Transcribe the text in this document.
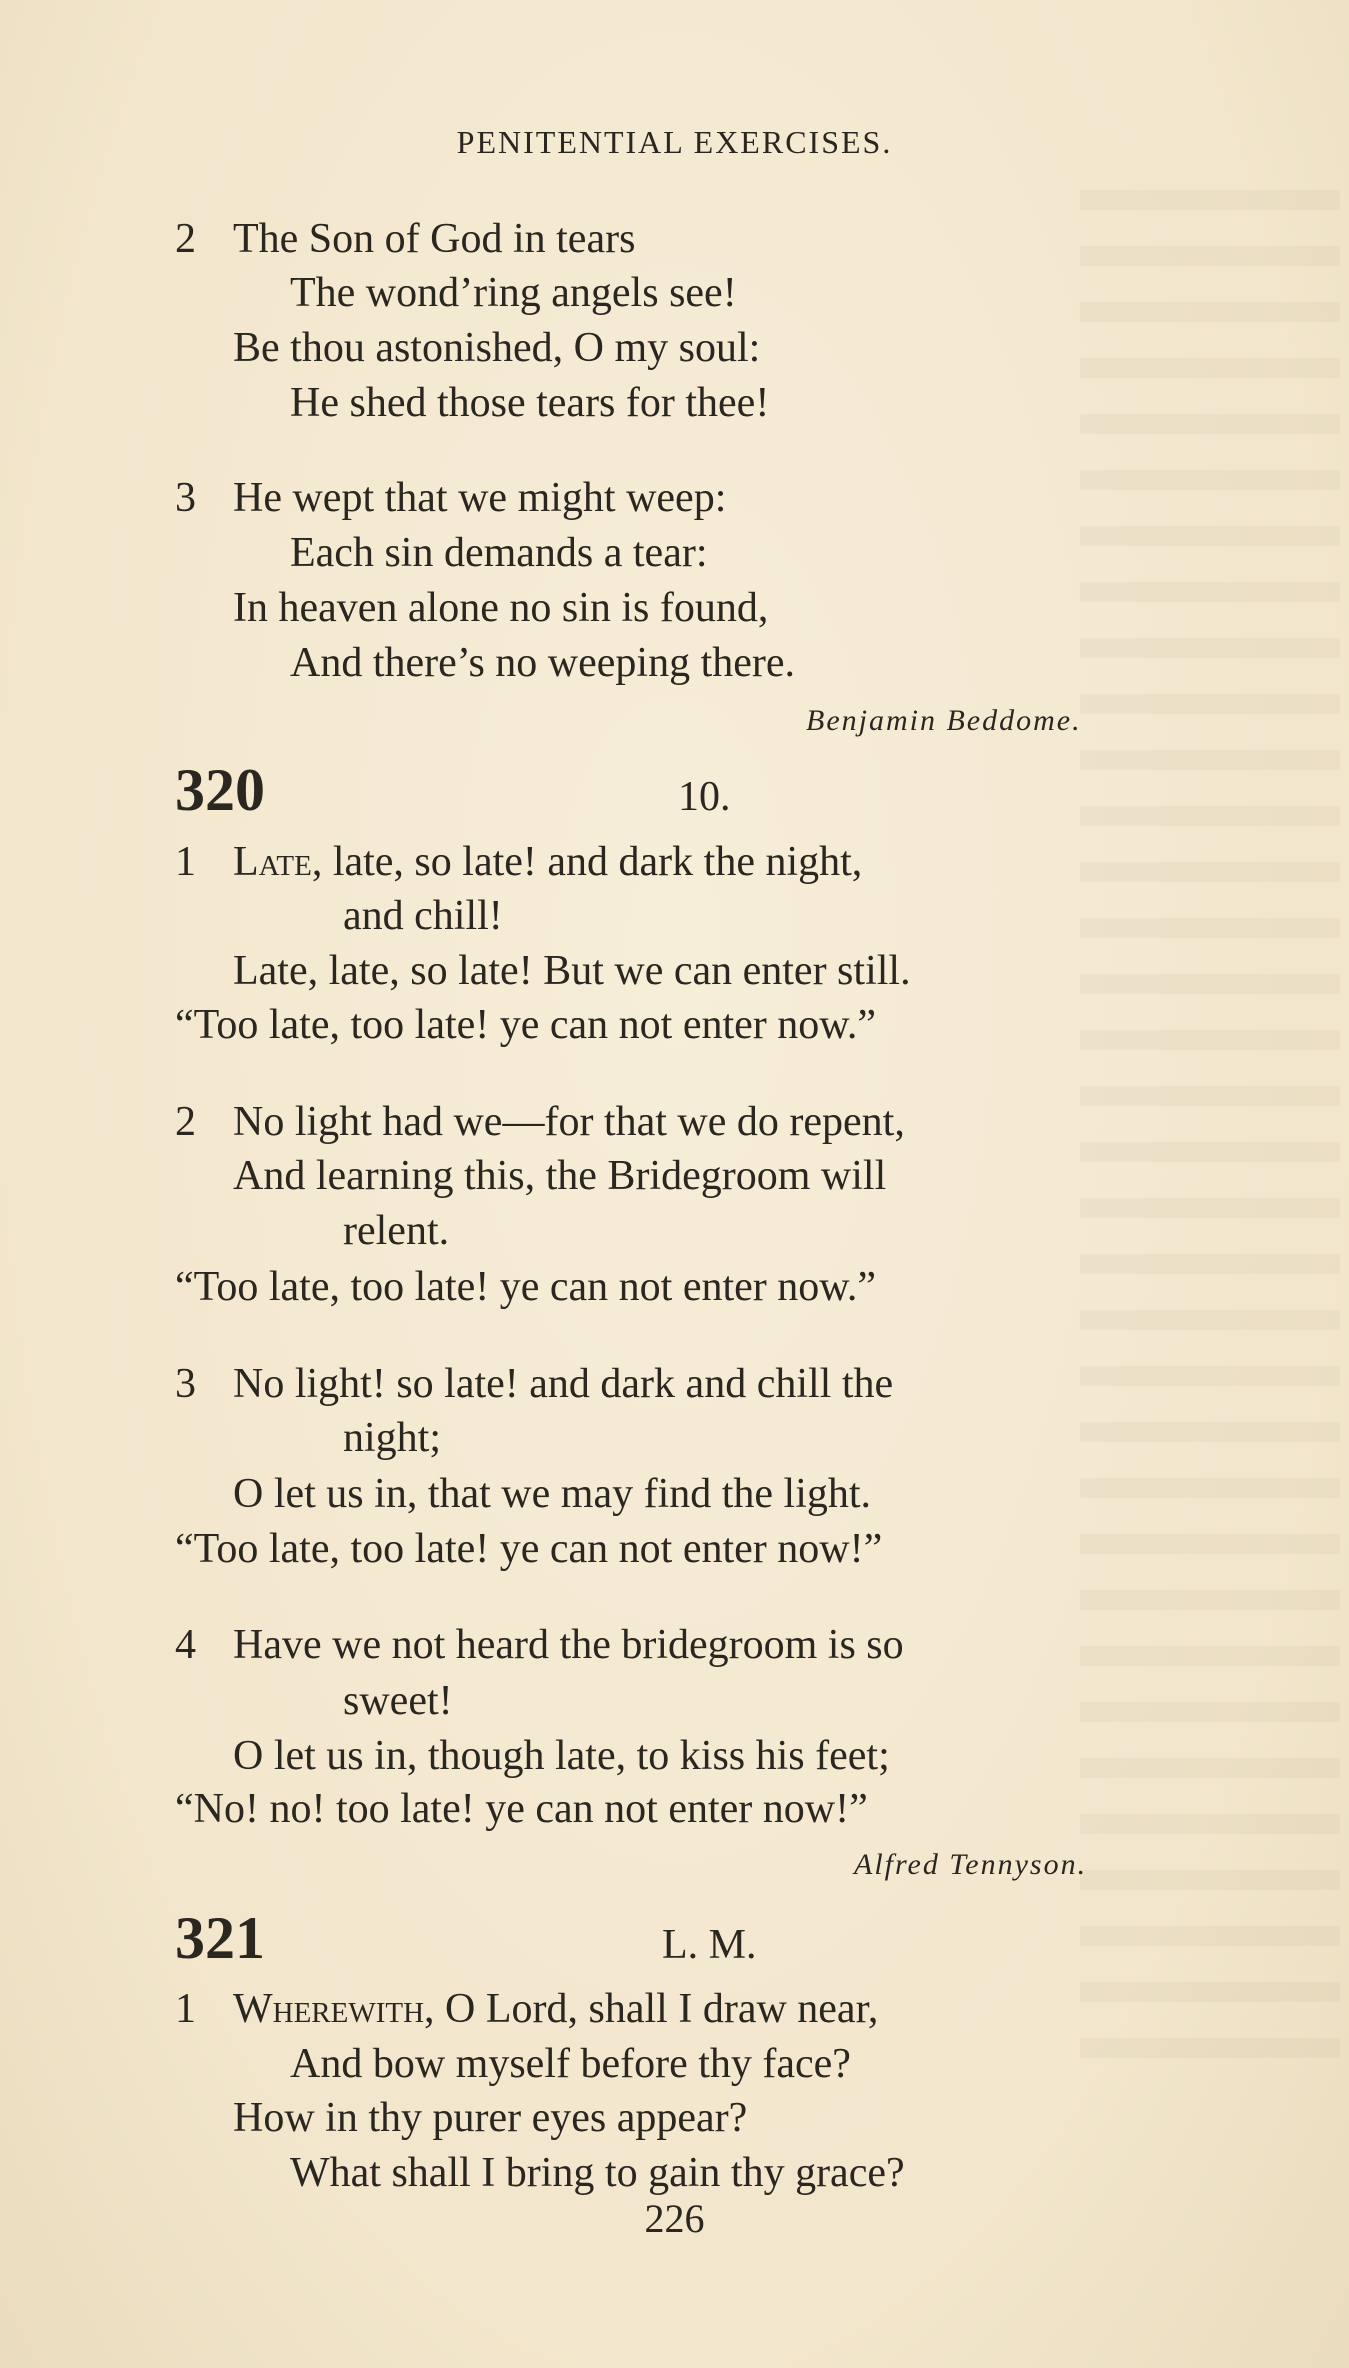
PENITENTIAL EXERCISES.
2 The Son of God in tears
The wond’ring angels see!
Be thou astonished, O my soul:
He shed those tears for thee!
3 He wept that we might weep:
Each sin demands a tear:
In heaven alone no sin is found,
And there’s no weeping there.
Benjamin Beddome.
320	10.
1 Late, late, so late! and dark the night,
and chill!
Late, late, so late! But we can enter still.
“Too late, too late! ye can not enter now.”
2 No light had we—for that we do repent,
And learning this, the Bridegroom will
relent.
“Too late, too late! ye can not enter now.”
3 No light! so late! and dark and chill the
night;
O let us in, that we may find the light.
“Too late, too late! ye can not enter now!”
4 Have we not heard the bridegroom is so
sweet!
O let us in, though late, to kiss his feet;
“No! no! too late! ye can not enter now!”
Alfred Tennyson.
321	L. M.
1 Wherewith, O Lord, shall I draw near,
And bow myself before thy face?
How in thy purer eyes appear?
What shall I bring to gain thy grace?
226
